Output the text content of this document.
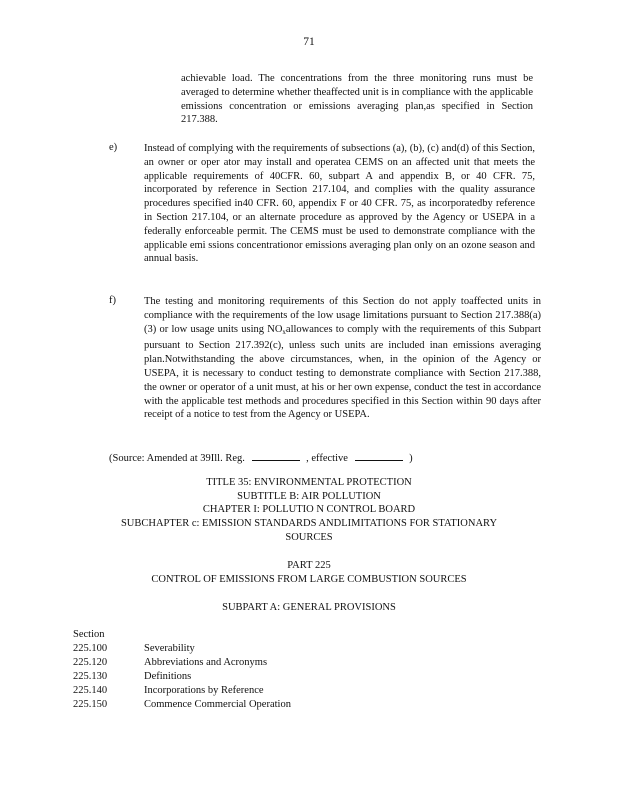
71

achievable load. The concentrations from the three monitoring runs must be averaged to determine whether theaffected unit is in compliance with the applicable emissions concentration or emissions averaging plan,as specified in Section 217.388.

e)	Instead of complying with the requirements of subsections (a), (b), (c) and(d) of this Section, an owner or oper ator may install and operatea CEMS on an affected unit that meets the applicable requirements of 40CFR. 60, subpart A and appendix B, or 40 CFR. 75, incorporated by reference in Section 217.104, and complies with the quality assurance procedures specified in40 CFR. 60, appendix F or 40 CFR. 75, as incorporatedby reference in Section 217.104, or an alternate procedure as approved by the Agency or USEPA in a federally enforceable permit. The CEMS must be used to demonstrate compliance with the applicable emi ssions concentrationor emissions averaging plan only on an ozone season and annual basis.

f)	The testing and monitoring requirements of this Section do not apply toaffected units in compliance with the requirements of the low usage limitations pursuant to Section 217.388(a)(3) or low usage units using $NO_xallowances$ to comply with the requirements of this Subpart pursuant to Section 217.392(c), unless such units are included inan emissions averaging plan.Notwithstanding the above circumstances, when, in the opinion of the Agency or USEPA, it is necessary to conduct testing to demonstrate compliance with Section 217.388, the owner or operator of a unit must, at his or her own expense, conduct the test in accordance with the applicable test methods and procedures specified in this Section within 90 days after receipt of a notice to test from the Agency or USEPA.

(Source: Amended at 39Ill. Reg.	, effective	)

TITLE 35: ENVIRONMENTAL PROTECTION

SUBTITLE B: AIR POLLUTION

CHAPTER I: POLLUTIO N CONTROL BOARD

SUBCHAPTER c: EMISSION STANDARDS ANDLIMITATIONS FOR STATIONARY

SOURCES

PART 225

CONTROL OF EMISSIONS FROM LARGE COMBUSTION SOURCES

SUBPART A: GENERAL PROVISIONS

Section
225.100	Severability
225.120	Abbreviations and Acronyms
225.130	Definitions
225.140	Incorporations by Reference
225.150	Commence Commercial Operation
